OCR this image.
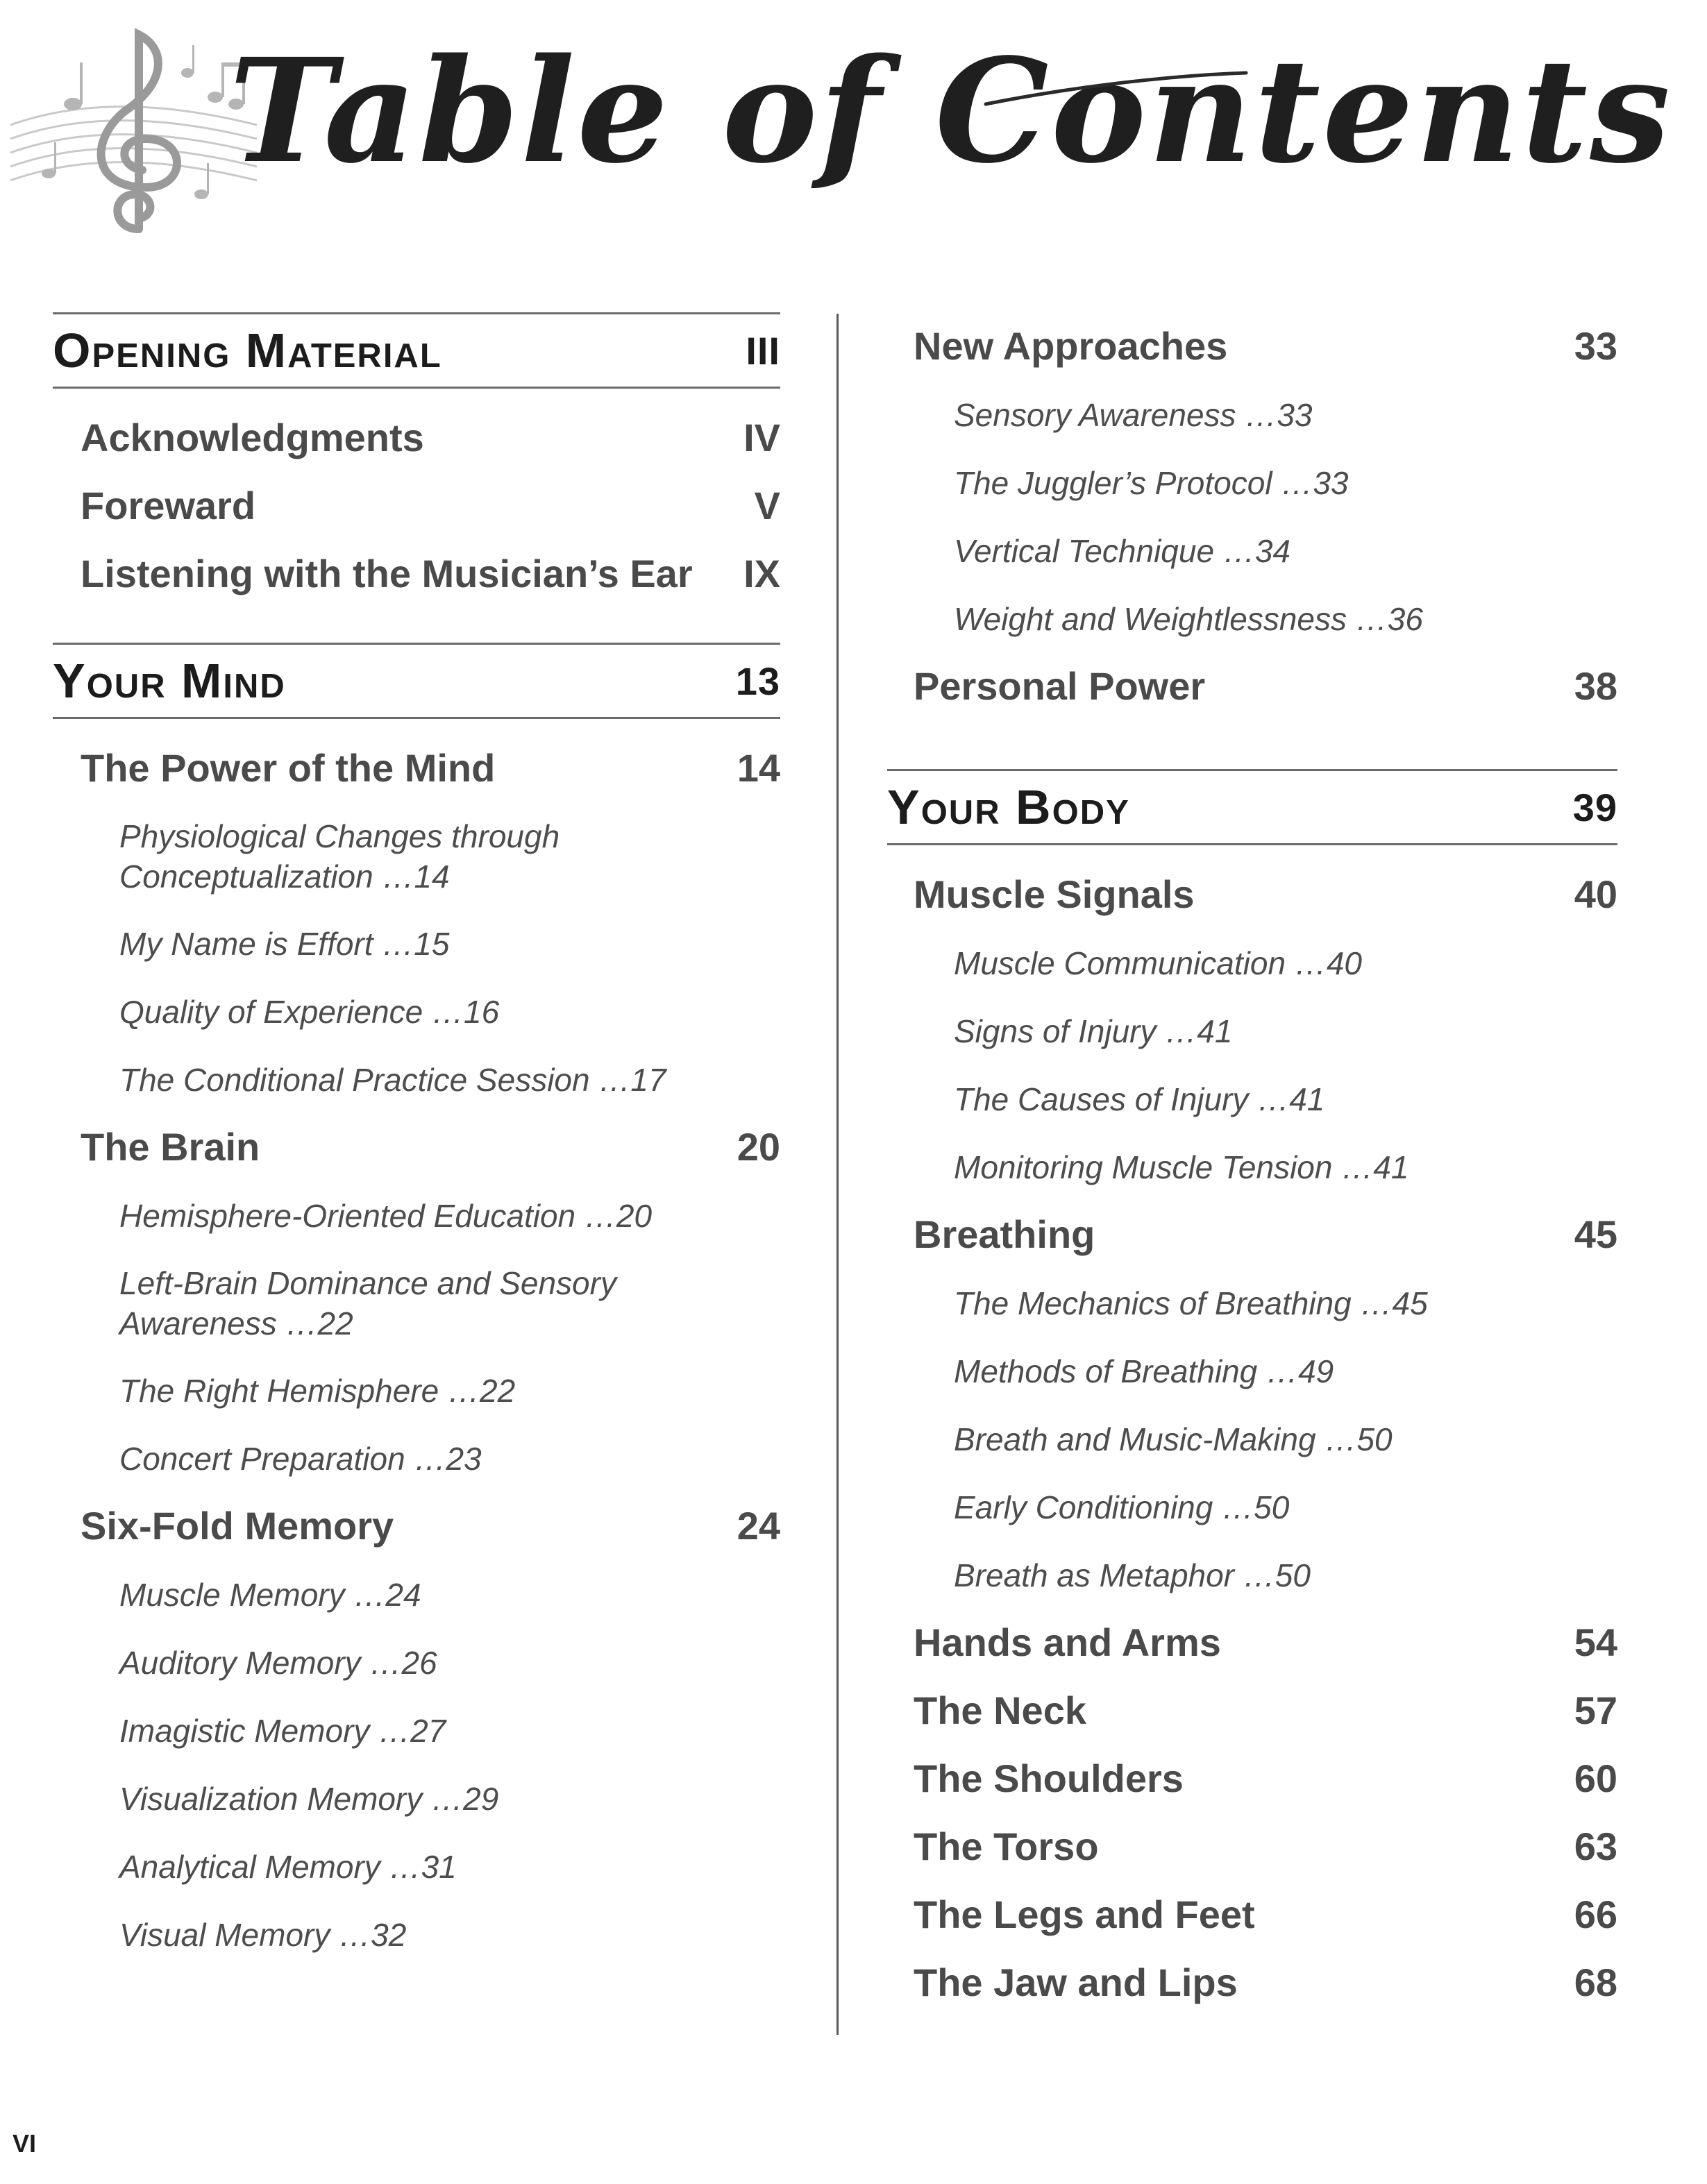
Table of Contents
Opening Material	III
Acknowledgments	IV
Foreward	V
Listening with the Musician’s Ear IX
Your Mind	13
The Power of the Mind	14
Physiological Changes through Conceptualization … 14
My Name is Effort … 15
Quality of Experience … 16
The Conditional Practice Session … 17
The Brain	20
Hemisphere-Oriented Education … 20
Left-Brain Dominance and Sensory Awareness … 22
The Right Hemisphere … 22
Concert Preparation … 23
Six-Fold Memory	24
Muscle Memory … 24
Auditory Memory … 26
Imagistic Memory … 27
Visualization Memory … 29
Analytical Memory … 31
Visual Memory … 32
New Approaches	33
Sensory Awareness … 33
The Juggler’s Protocol … 33
Vertical Technique … 34
Weight and Weightlessness … 36
Personal Power	38
Your Body	39
Muscle Signals	40
Muscle Communication … 40
Signs of Injury … 41
The Causes of Injury … 41
Monitoring Muscle Tension … 41
Breathing	45
The Mechanics of Breathing … 45
Methods of Breathing … 49
Breath and Music-Making … 50
Early Conditioning … 50
Breath as Metaphor … 50
Hands and Arms	54
The Neck	57
The Shoulders	60
The Torso	63
The Legs and Feet	66
The Jaw and Lips	68
VI
